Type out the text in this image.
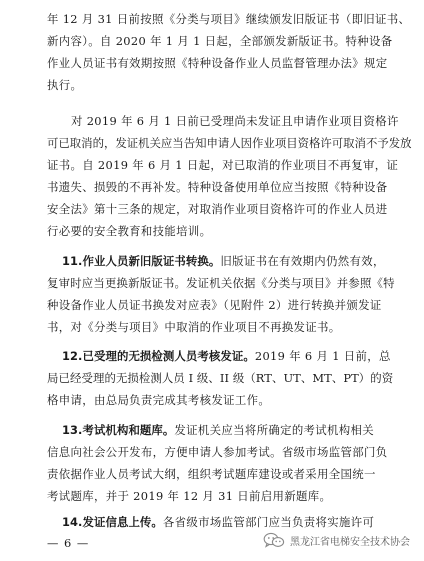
年 12 月 31 日前按照《分类与项目》继续颁发旧版证书（即旧证书、
新内容）。自 2020 年 1 月 1 日起，全部颁发新版证书。特种设备
作业人员证书有效期按照《特种设备作业人员监督管理办法》规定
执行。
对 2019 年 6 月 1 日前已受理尚未发证且申请作业项目资格许
可已取消的，发证机关应当告知申请人因作业项目资格许可取消不予发放
证书。自 2019 年 6 月 1 日起，对已取消的作业项目不再复审，证
书遗失、损毁的不再补发。特种设备使用单位应当按照《特种设备
安全法》第十三条的规定，对取消作业项目资格许可的作业人员进
行必要的安全教育和技能培训。
11.作业人员新旧版证书转换。旧版证书在有效期内仍然有效，
复审时应当更换新版证书。发证机关依据《分类与项目》并参照《特
种设备作业人员证书换发对应表》（见附件 2）进行转换并颁发证
书，对《分类与项目》中取消的作业项目不再换发证书。
12.已受理的无损检测人员考核发证。2019 年 6 月 1 日前，总
局已经受理的无损检测人员 I 级、II 级（RT、UT、MT、PT）的资
格申请，由总局负责完成其考核发证工作。
13.考试机构和题库。发证机关应当将所确定的考试机构相关
信息向社会公开发布，方便申请人参加考试。省级市场监管部门负
责依据作业人员考试大纲，组织考试题库建设或者采用全国统一
考试题库，并于 2019 年 12 月 31 日前启用新题库。
14.发证信息上传。各省级市场监管部门应当负责将实施许可
— 6 —	黑龙江省电梯安全技术协会
